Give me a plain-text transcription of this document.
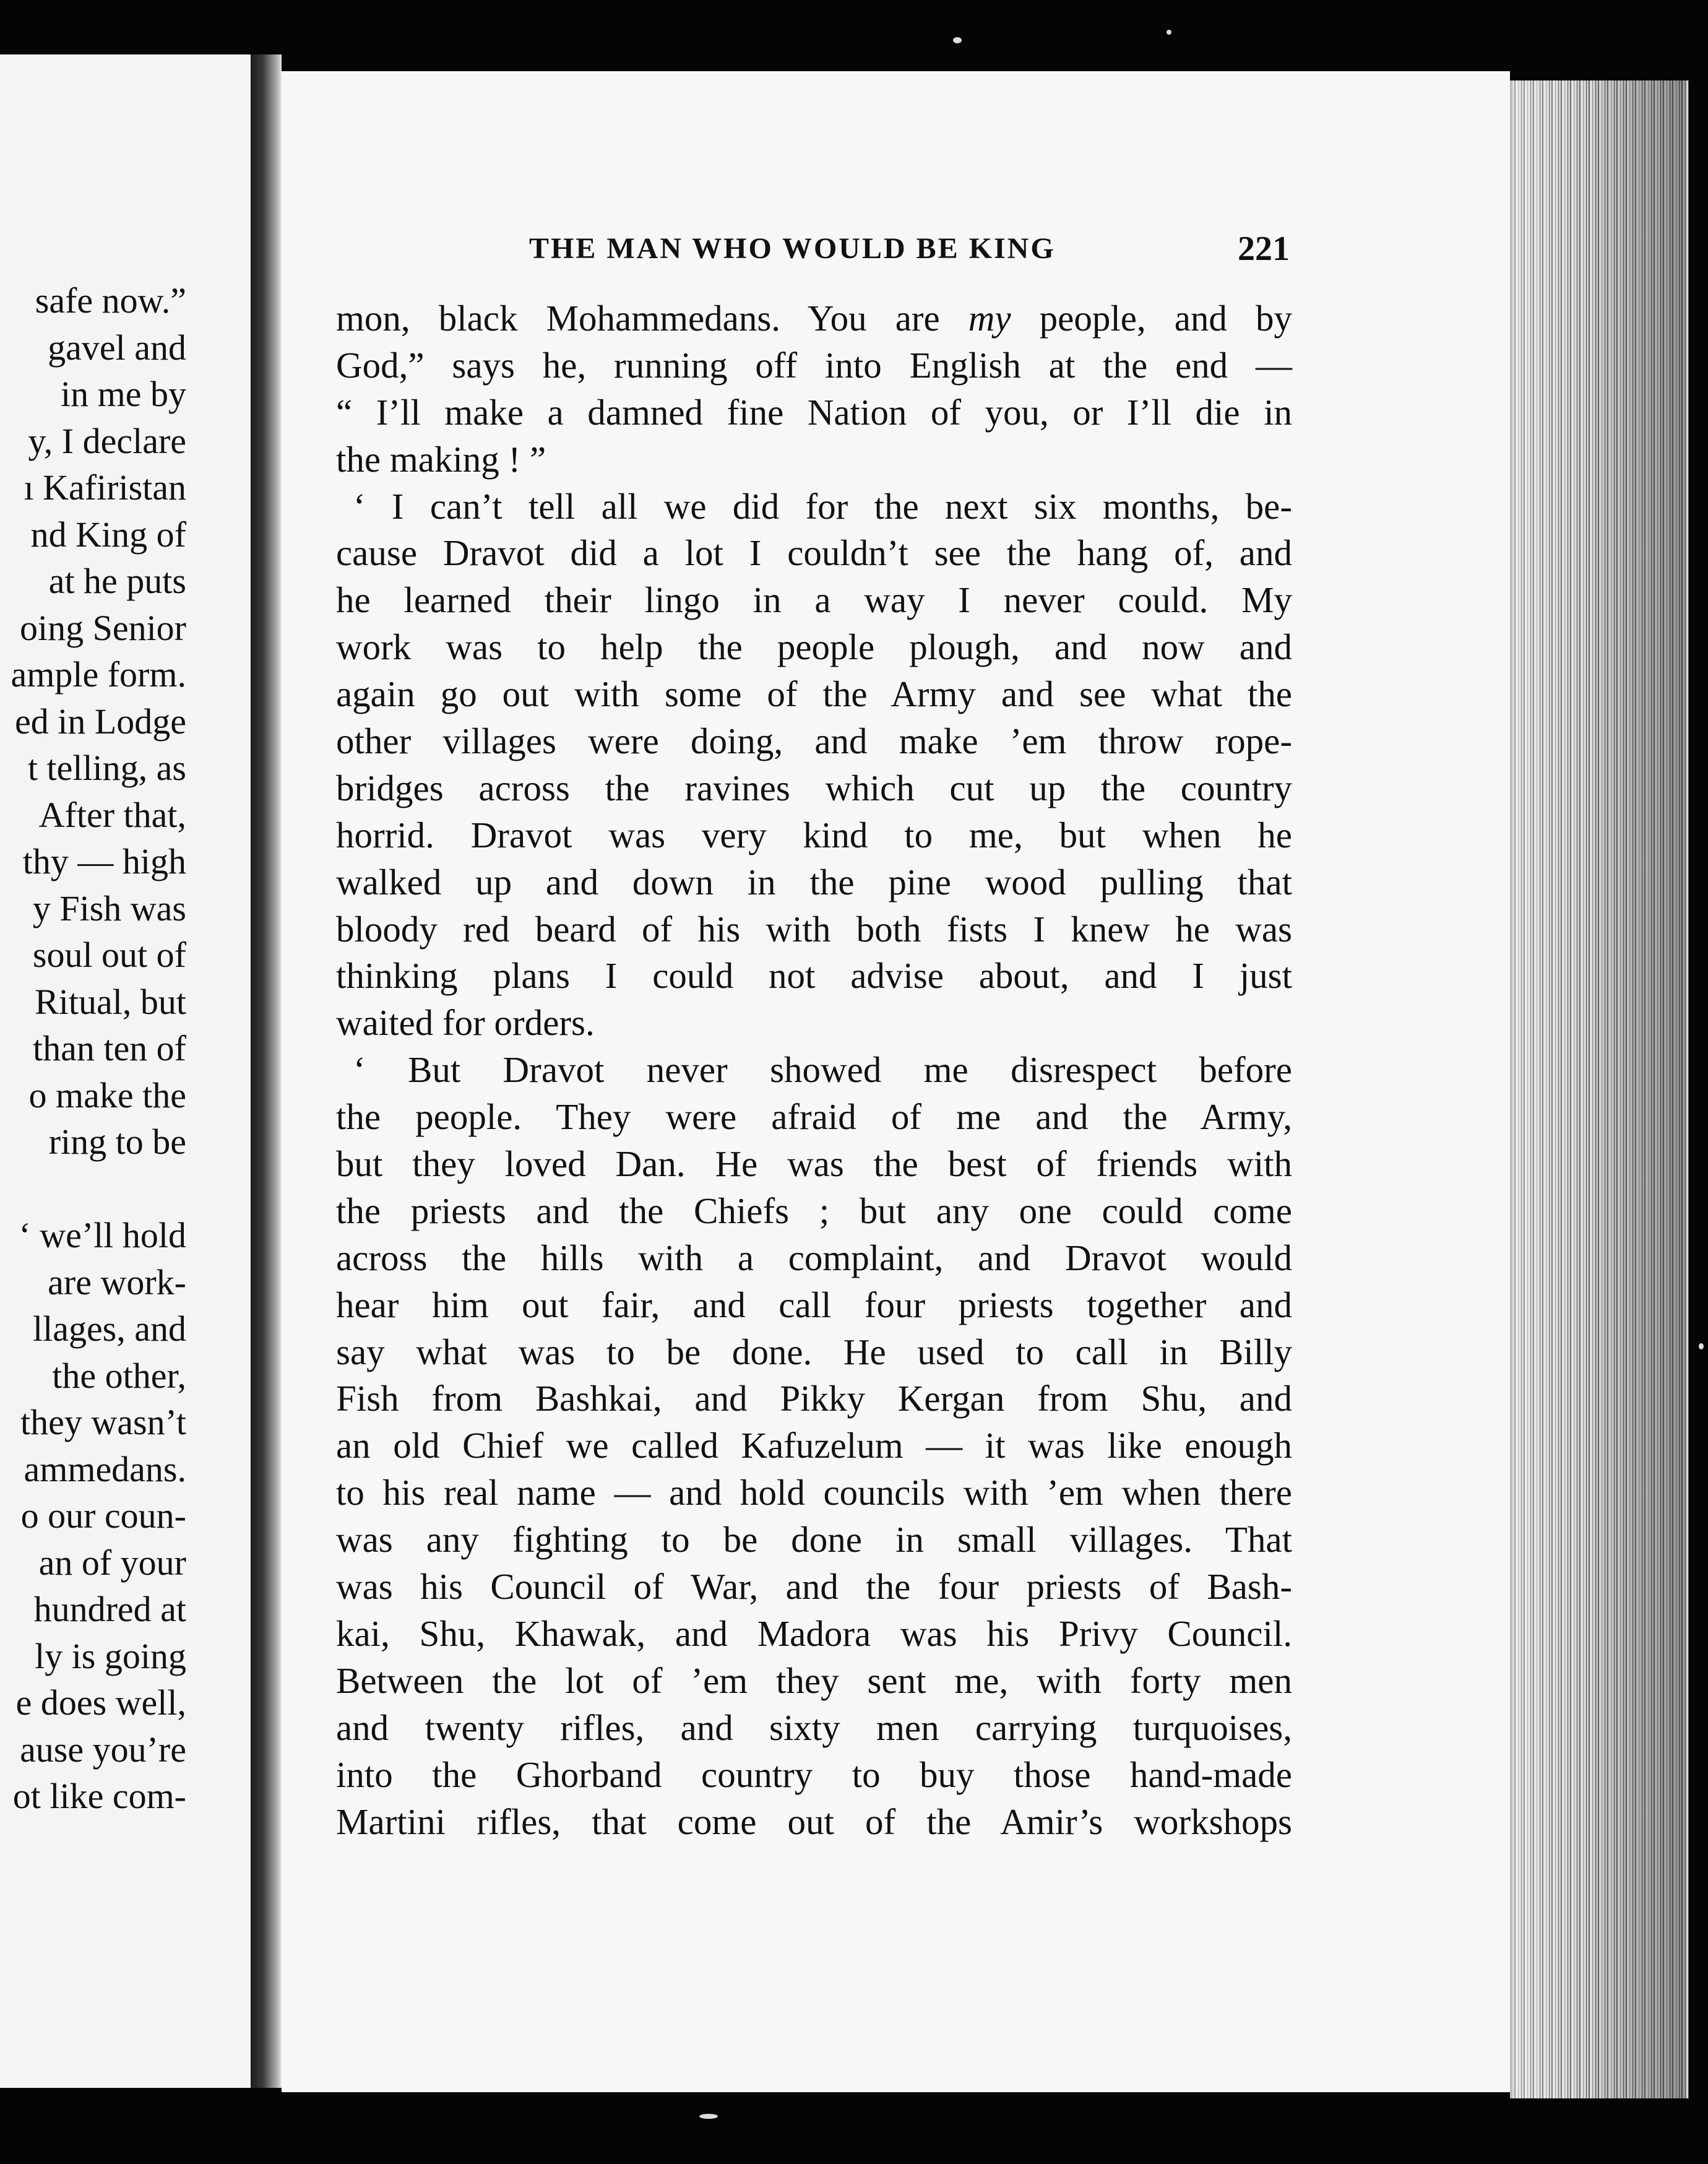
safe now.”
gavel and
in me by
y, I declare
ı Kafiristan
nd King of
at he puts
oing Senior
ample form.
ed in Lodge
t telling, as
After that,
thy — high
y Fish was
soul out of
Ritual, but
than ten of
o make the
ring to be
‘ we’ll hold
are work-
llages, and
the other,
they wasn’t
ammedans.
o our coun-
an of your
hundred at
ly is going
e does well,
ause you’re
ot like com-
THE MAN WHO WOULD BE KING	221
mon, black Mohammedans. You are my people, and by
God,” says he, running off into English at the end —
“ I’ll make a damned fine Nation of you, or I’ll die in
the making ! ”
‘ I can’t tell all we did for the next six months, be-
cause Dravot did a lot I couldn’t see the hang of, and
he learned their lingo in a way I never could. My
work was to help the people plough, and now and
again go out with some of the Army and see what the
other villages were doing, and make ’em throw rope-
bridges across the ravines which cut up the country
horrid. Dravot was very kind to me, but when he
walked up and down in the pine wood pulling that
bloody red beard of his with both fists I knew he was
thinking plans I could not advise about, and I just
waited for orders.
‘ But Dravot never showed me disrespect before
the people. They were afraid of me and the Army,
but they loved Dan. He was the best of friends with
the priests and the Chiefs ; but any one could come
across the hills with a complaint, and Dravot would
hear him out fair, and call four priests together and
say what was to be done. He used to call in Billy
Fish from Bashkai, and Pikky Kergan from Shu, and
an old Chief we called Kafuzelum — it was like enough
to his real name — and hold councils with ’em when there
was any fighting to be done in small villages. That
was his Council of War, and the four priests of Bash-
kai, Shu, Khawak, and Madora was his Privy Council.
Between the lot of ’em they sent me, with forty men
and twenty rifles, and sixty men carrying turquoises,
into the Ghorband country to buy those hand-made
Martini rifles, that come out of the Amir’s workshops
